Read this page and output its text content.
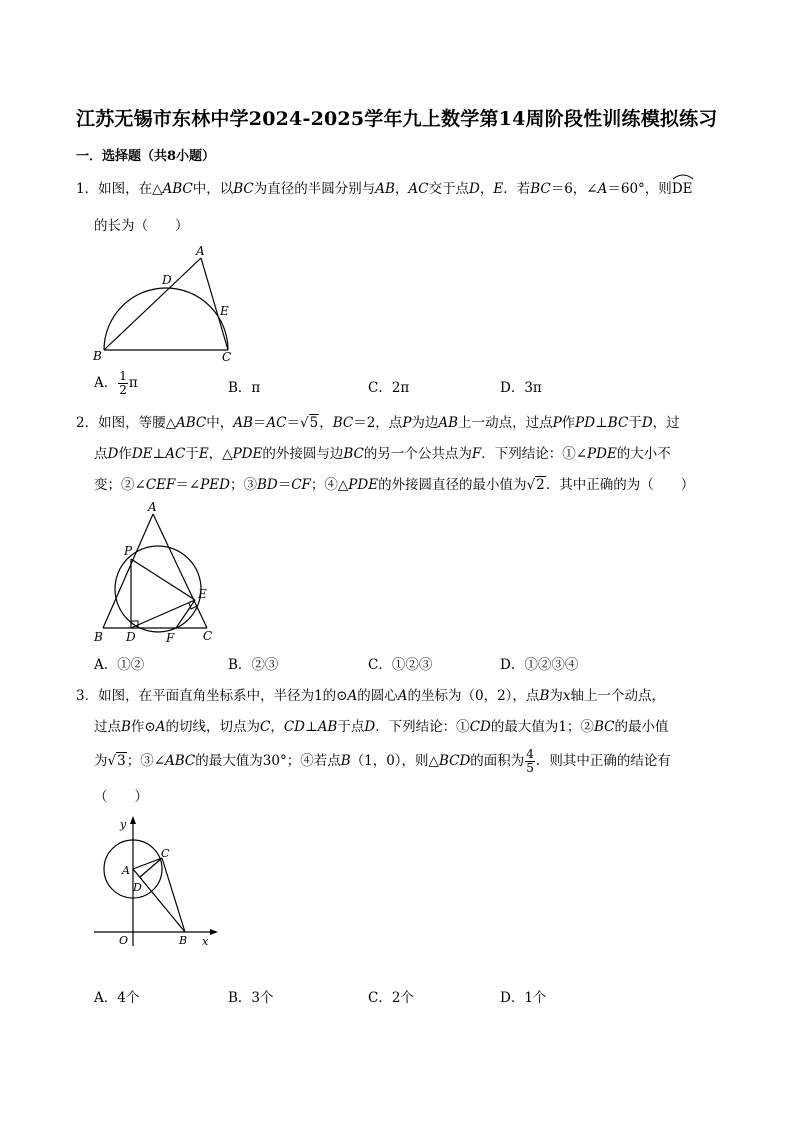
江苏无锡市东林中学2024-2025学年九上数学第14周阶段性训练模拟练习
一．选择题（共8小题）
1．如图，在△ABC中，以BC为直径的半圆分别与AB，AC交于点D，E．若BC＝6，∠A＝60°，则
DE
的长为（　　）
A
D
E
B	C
A． $\frac{1}{2}$ π	B．π	C．2π	D．3π
2．如图，等腰△ABC中，AB＝AC＝√5，BC＝2，点P为边AB上一动点，过点P作PD⊥BC于D，过
点D作DE⊥AC于E，△PDE的外接圆与边BC的另一个公共点为F．下列结论：①∠PDE的大小不
变；②∠CEF＝∠PED；③BD＝CF；④△PDE的外接圆直径的最小值为√2．其中正确的为（　　）
A
P
E
B D	F C
A．①②	B．②③	C．①②③	D．①②③④
3．如图，在平面直角坐标系中，半径为1的⊙A的圆心A的坐标为（0，2），点B为x轴上一个动点，
过点B作⊙A的切线，切点为C，CD⊥AB于点D．下列结论：①CD的最大值为1；②BC的最小值
为√3；③∠ABC的最大值为30°；④若点B（1，0），则△BCD的面积为 $\frac{4}{5}$ ．则其中正确的结论有
（　　）
y
C
A
D
O	B x
A．4个	B．3个	C．2个	D．1个
